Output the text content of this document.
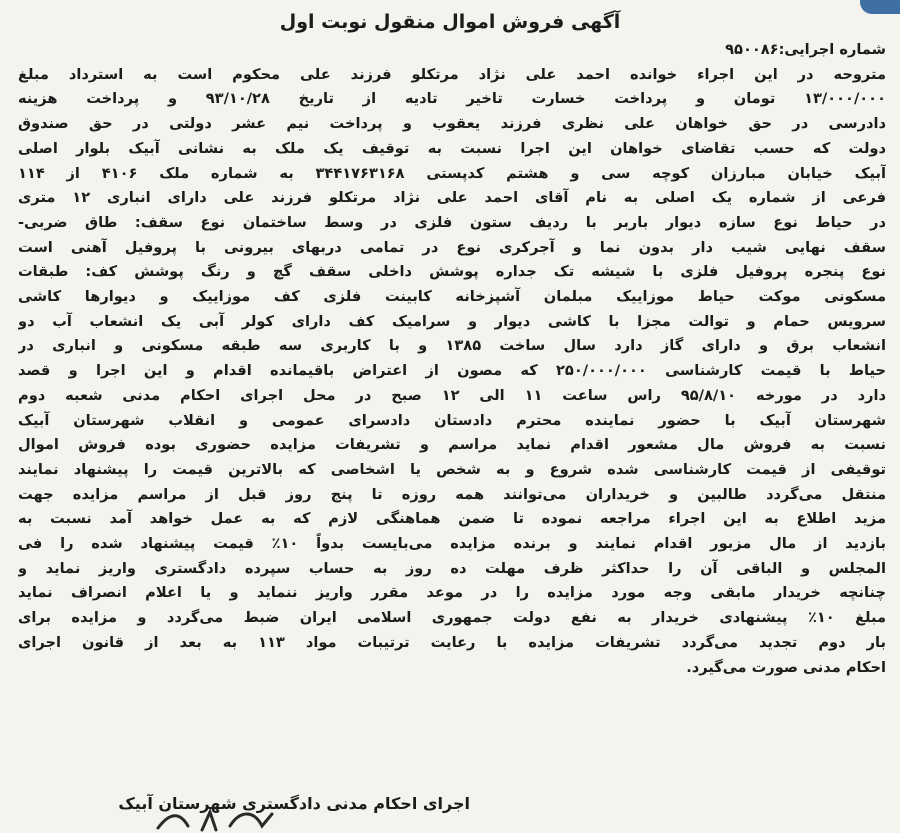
آگهی فروش اموال منقول نوبت اول
شماره اجرایی:۹۵۰۰۸۶
متروحه در این اجراء خوانده احمد علی نژاد مرتکلو فرزند علی محکوم است به استرداد مبلغ
۱۳/۰۰۰/۰۰۰ تومان و پرداخت خسارت تاخیر تادیه از تاریخ ۹۳/۱۰/۲۸ و پرداخت هزینه
دادرسی در حق خواهان علی نظری فرزند یعقوب و پرداخت نیم عشر دولتی در حق صندوق
دولت که حسب تقاضای خواهان این اجرا نسبت به توقیف یک ملک به نشانی آبیک بلوار اصلی
آبیک خیابان مبارزان کوچه سی و هشتم کدپستی ۳۴۴۱۷۶۳۱۶۸ به شماره ملک ۴۱۰۶ از ۱۱۴
فرعی از شماره یک اصلی به نام آقای احمد علی نژاد مرتکلو فرزند علی دارای انباری ۱۲ متری
در حیاط نوع سازه دیوار باربر با ردیف ستون فلزی در وسط ساختمان نوع سقف: طاق ضربی-
سقف نهایی شیب دار بدون نما و آجرکری نوع در تمامی دربهای بیرونی با پروفیل آهنی است
نوع پنجره پروفیل فلزی با شیشه تک جداره پوشش داخلی سقف گچ و رنگ پوشش کف: طبقات
مسکونی موکت حیاط موزاییک مبلمان آشپزخانه کابینت فلزی کف موزاییک و دیوارها کاشی
سرویس حمام و توالت مجزا با کاشی دیوار و سرامیک کف دارای کولر آبی یک انشعاب آب دو
انشعاب برق و دارای گاز دارد سال ساخت ۱۳۸۵ و با کاربری سه طبقه مسکونی و انباری در
حیاط با قیمت کارشناسی ۲۵۰/۰۰۰/۰۰۰ که مصون از اعتراض باقیمانده اقدام و این اجرا و قصد
دارد در مورخه ۹۵/۸/۱۰ راس ساعت ۱۱ الی ۱۲ صبح در محل اجرای احکام مدنی شعبه دوم
شهرستان آبیک با حضور نماینده محترم دادستان دادسرای عمومی و انقلاب شهرستان آبیک
نسبت به فروش مال مشعور اقدام نماید مراسم و تشریفات مزایده حضوری بوده فروش اموال
توقیفی از قیمت کارشناسی شده شروع و به شخص یا اشخاصی که بالاترین قیمت را پیشنهاد نمایند
منتقل می‌گردد طالبین و خریداران می‌توانند همه روزه تا پنج روز قبل از مراسم مزایده جهت
مزید اطلاع به این اجراء مراجعه نموده تا ضمن هماهنگی لازم که به عمل خواهد آمد نسبت به
بازدید از مال مزبور اقدام نمایند و برنده مزایده می‌بایست بدواً ۱۰٪ قیمت پیشنهاد شده را فی
المجلس و الباقی آن را حداکثر ظرف مهلت ده روز به حساب سپرده دادگستری واریز نماید و
چنانچه خریدار مابقی وجه مورد مزایده را در موعد مقرر واریز ننماید و یا اعلام انصراف نماید
مبلغ ۱۰٪ پیشنهادی خریدار به نفع دولت جمهوری اسلامی ایران ضبط می‌گردد و مزایده برای
بار دوم تجدید می‌گردد تشریفات مزایده با رعایت ترتیبات مواد ۱۱۳ به بعد از قانون اجرای
احکام مدنی صورت می‌گیرد.
اجرای احکام مدنی دادگستری شهرستان آبیک
